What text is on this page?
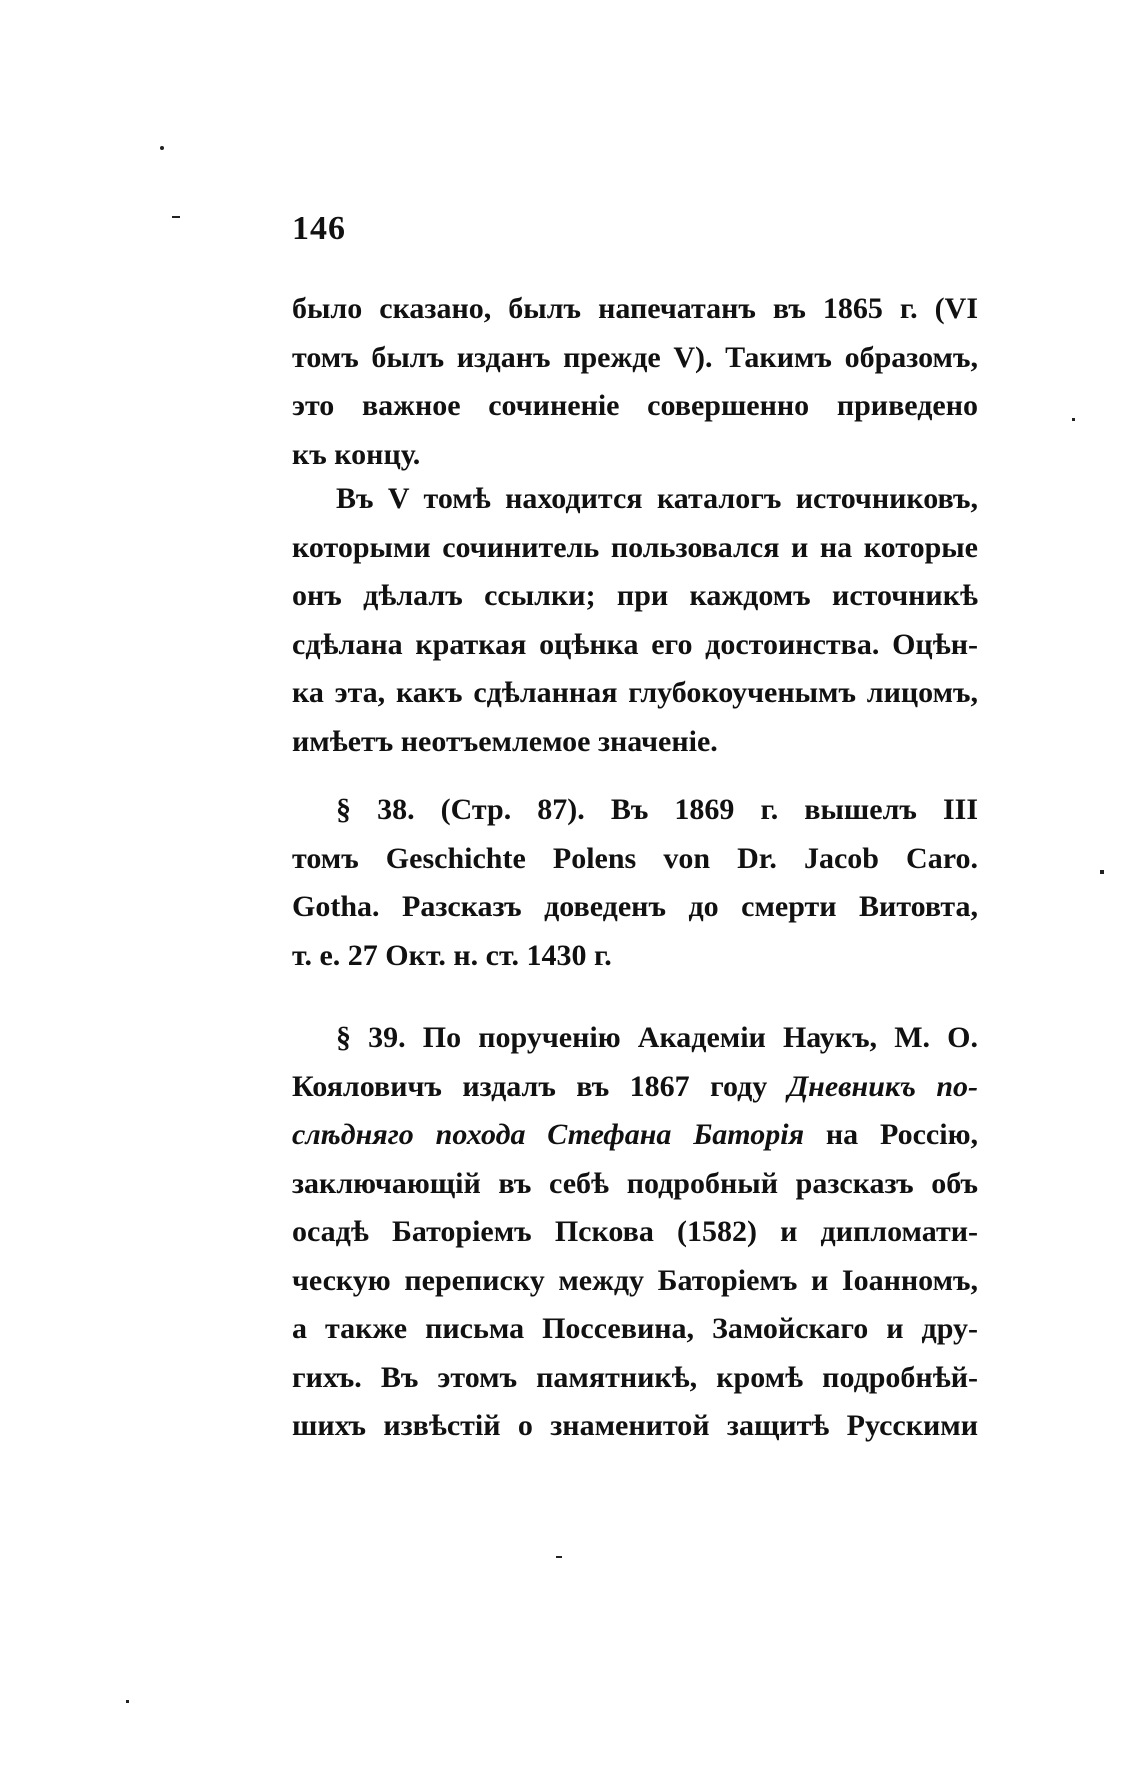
146
было сказано, былъ напечатанъ въ 1865 г. (VI
томъ былъ изданъ прежде V). Такимъ образомъ,
это важное сочиненіе совершенно приведено
къ концу.
Въ V томѣ находится каталогъ источниковъ,
которыми сочинитель пользовался и на которые
онъ дѣлалъ ссылки; при каждомъ источникѣ
сдѣлана краткая оцѣнка его достоинства. Оцѣн-
ка эта, какъ сдѣланная глубокоученымъ лицомъ,
имѣетъ неотъемлемое значеніе.
§ 38. (Стр. 87). Въ 1869 г. вышелъ III
томъ Geschichte Polens von Dr. Jacob Caro.
Gotha. Разсказъ доведенъ до смерти Витовта,
т. е. 27 Окт. н. ст. 1430 г.
§ 39. По порученію Академіи Наукъ, М. О.
Кояловичъ издалъ въ 1867 году Дневникъ по-
слѣдняго похода Стефана Баторія на Россію,
заключающій въ себѣ подробный разсказъ объ
осадѣ Баторіемъ Пскова (1582) и дипломати-
ческую переписку между Баторіемъ и Іоанномъ,
а также письма Поссевина, Замойскаго и дру-
гихъ. Въ этомъ памятникѣ, кромѣ подробнѣй-
шихъ извѣстій о знаменитой защитѣ Русскими
